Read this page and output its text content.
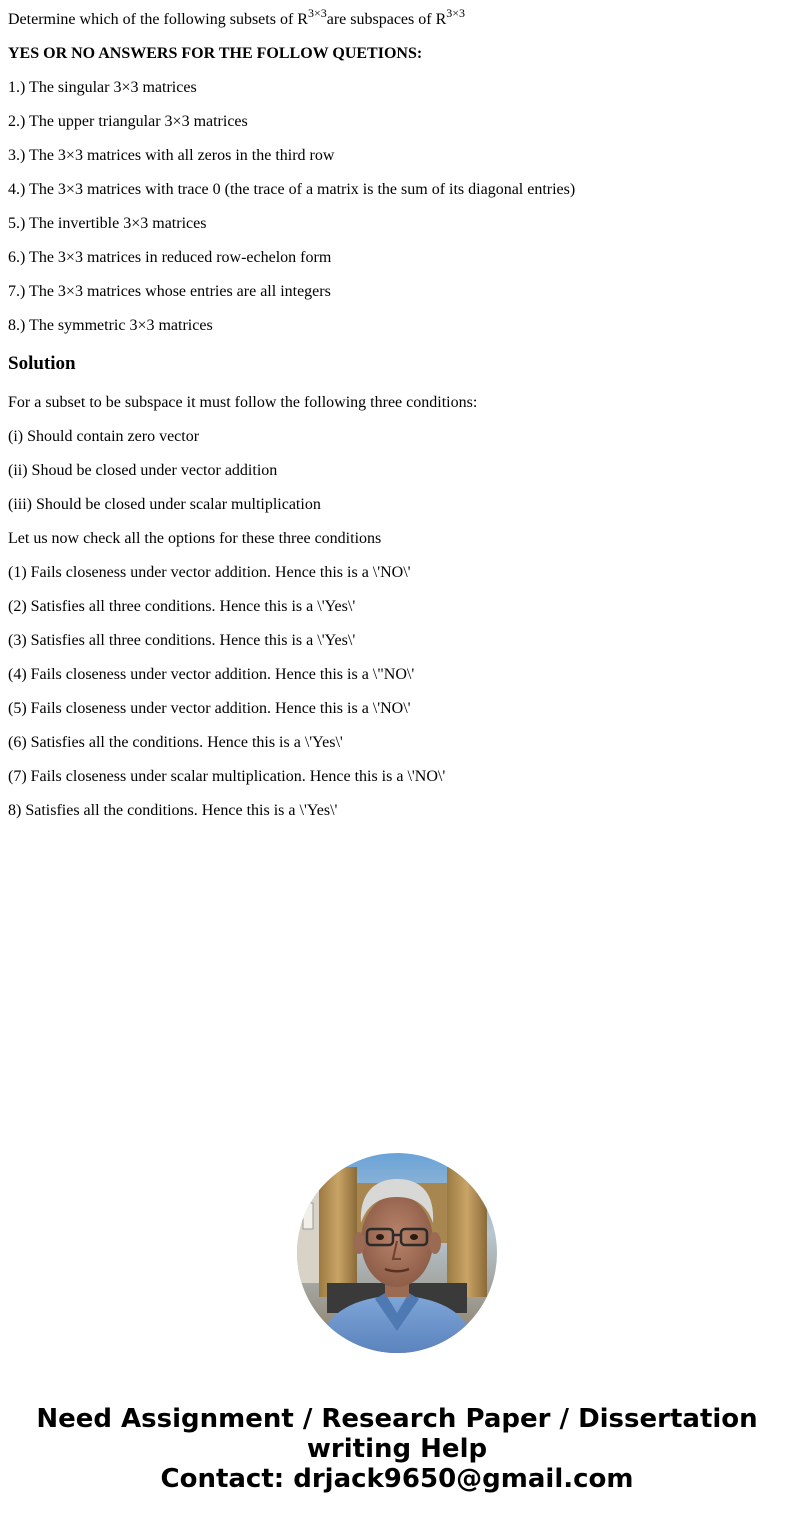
Determine which of the following subsets of $R^{3\times 3}are$ subspaces of $R^{3\times 3}$

YES OR NO ANSWERS FOR THE FOLLOW QUETIONS:

1.) The singular 3×3 matrices

2.) The upper triangular 3×3 matrices

3.) The 3×3 matrices with all zeros in the third row

4.) The 3×3 matrices with trace 0 (the trace of a matrix is the sum of its diagonal entries)

5.) The invertible 3×3 matrices

6.) The 3×3 matrices in reduced row-echelon form

7.) The 3×3 matrices whose entries are all integers

8.) The symmetric 3×3 matrices

Solution

For a subset to be subspace it must follow the following three conditions:

(i) Should contain zero vector

(ii) Shoud be closed under vector addition

(iii) Should be closed under scalar multiplication

Let us now check all the options for these three conditions

(1) Fails closeness under vector addition. Hence this is a \'NO\'

(2) Satisfies all three conditions. Hence this is a \'Yes\'

(3) Satisfies all three conditions. Hence this is a \'Yes\'

(4) Fails closeness under vector addition. Hence this is a \"NO\'

(5) Fails closeness under vector addition. Hence this is a \'NO\'

(6) Satisfies all the conditions. Hence this is a \'Yes\'

(7) Fails closeness under scalar multiplication. Hence this is a \'NO\'

8) Satisfies all the conditions. Hence this is a \'Yes\'

Need Assignment / Research Paper / Dissertation
writing Help
Contact: drjack9650@gmail.com
